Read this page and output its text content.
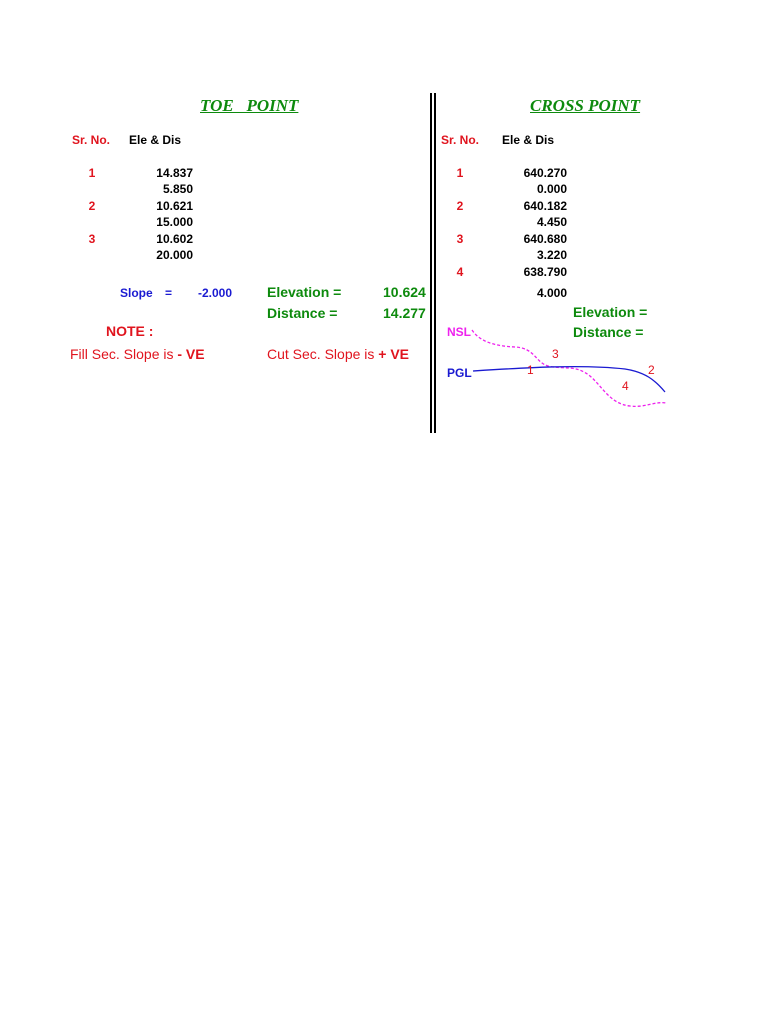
TOE   POINT
Sr. No. Ele & Dis
1	14.837
5.850
2	10.621
15.000
3	10.602
20.000
Slope = -2.000 Elevation =	10.624
Distance =	14.277
NOTE :
Fill Sec. Slope is - VE	Cut Sec. Slope is + VE
CROSS POINT
Sr. No. Ele & Dis
1	640.270
0.000
2	640.182
4.450
3	640.680
3.220
4	638.790
4.000
Elevation =
Distance =
NSL
PGL	1	2
3
4
